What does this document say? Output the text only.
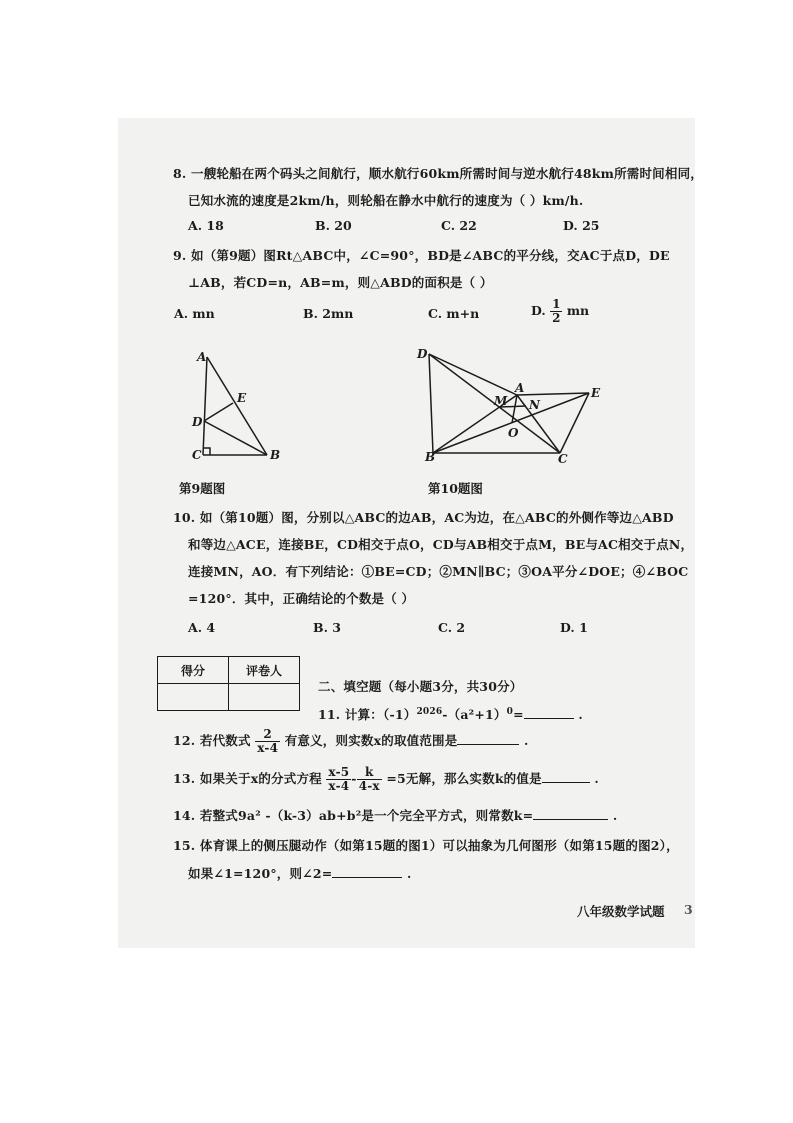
8. 一艘轮船在两个码头之间航行，顺水航行60km所需时间与逆水航行48km所需时间相同，
已知水流的速度是2km/h，则轮船在静水中航行的速度为（ ）km/h.
A. 18	B. 20	C. 22	D. 25
9. 如（第9题）图Rt△ABC中，∠C=90°，BD是∠ABC的平分线，交AC于点D，DE
⊥AB，若CD=n，AB=m，则△ABD的面积是（ ）
A. mn	B. 2mn	C. m+n	D. $\frac{1}{2}$ mn
A
E
D
C	B
第9题图
D
A	E
M N
O
B	C
第10题图
10. 如（第10题）图，分别以△ABC的边AB，AC为边，在△ABC的外侧作等边△ABD
和等边△ACE，连接BE，CD相交于点O，CD与AB相交于点M，BE与AC相交于点N，
连接MN，AO．有下列结论：①BE=CD；②MN∥BC；③OA平分∠DOE；④∠BOC
=120°．其中，正确结论的个数是（ ）
A. 4	B. 3	C. 2	D. 1
得分	评卷人

二、填空题（每小题3分，共30分）
11. 计算：$(-1)^{2026}-(a^2+1)^0=$	.
12. 若代数式 $\frac{2}{x-4}$ 有意义，则实数x的取值范围是	.
13. 如果关于x的分式方程 $\frac{x-5}{x-4} - \frac{k}{4-x} =5$无解，那么实数k的值是	.
14. 若整式9a² -（k-3）ab+b²是一个完全平方式，则常数k=	.
15. 体育课上的侧压腿动作（如第15题的图1）可以抽象为几何图形（如第15题的图2），
如果∠1=120°，则∠2=	.
八年级数学试题 3
